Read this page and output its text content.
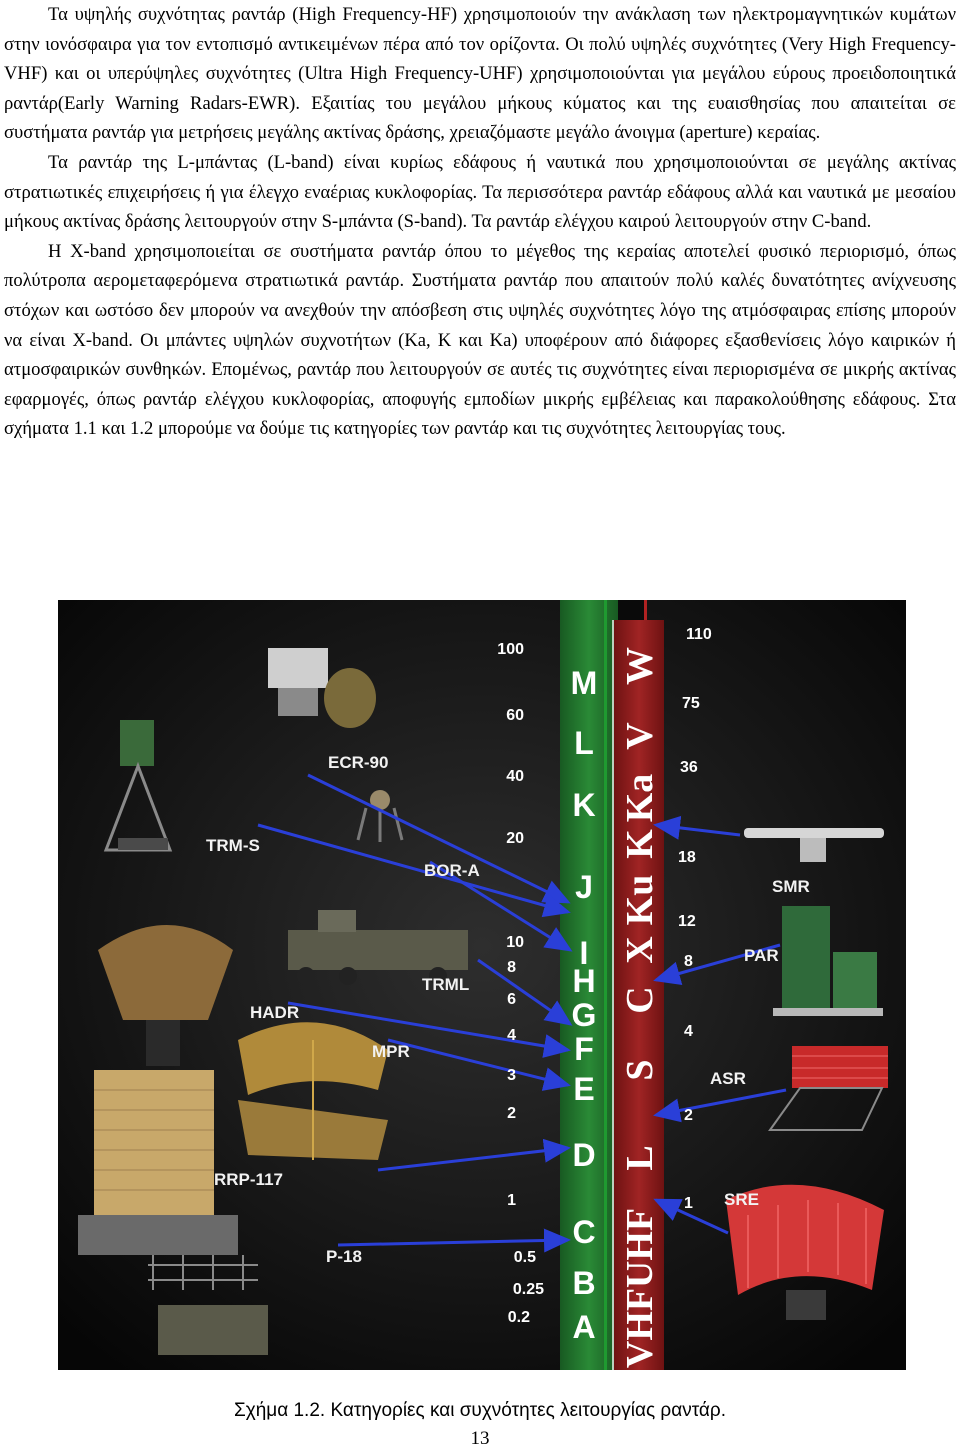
Τα υψηλής συχνότητας ραντάρ (High Frequency-HF) χρησιμοποιούν την ανάκλαση των ηλεκτρομαγνητικών κυμάτων στην ιονόσφαιρα για τον εντοπισμό αντικειμένων πέρα από τον ορίζοντα. Οι πολύ υψηλές συχνότητες (Very High Frequency-VHF) και οι υπερύψηλες συχνότητες (Ultra High Frequency-UHF) χρησιμοποιούνται για μεγάλου εύρους προειδοποιητικά ραντάρ(Early Warning Radars-EWR). Εξαιτίας του μεγάλου μήκους κύματος και της ευαισθησίας που απαιτείται σε συστήματα ραντάρ για μετρήσεις μεγάλης ακτίνας δράσης, χρειαζόμαστε μεγάλο άνοιγμα (aperture) κεραίας.

Τα ραντάρ της L-μπάντας (L-band) είναι κυρίως εδάφους ή ναυτικά που χρησιμοποιούνται σε μεγάλης ακτίνας στρατιωτικές επιχειρήσεις ή για έλεγχο εναέριας κυκλοφορίας. Τα περισσότερα ραντάρ εδάφους αλλά και ναυτικά με μεσαίου μήκους ακτίνας δράσης λειτουργούν στην S-μπάντα (S-band). Τα ραντάρ ελέγχου καιρού λειτουργούν στην C-band.

Η X-band χρησιμοποιείται σε συστήματα ραντάρ όπου το μέγεθος της κεραίας αποτελεί φυσικό περιορισμό, όπως πολύτροπα αερομεταφερόμενα στρατιωτικά ραντάρ. Συστήματα ραντάρ που απαιτούν πολύ καλές δυνατότητες ανίχνευσης στόχων και ωστόσο δεν μπορούν να ανεχθούν την απόσβεση στις υψηλές συχνότητες λόγο της ατμόσφαιρας επίσης μπορούν να είναι X-band. Οι μπάντες υψηλών συχνοτήτων (Ka, K και Ka) υποφέρουν από διάφορες εξασθενίσεις λόγο καιρικών ή ατμοσφαιρικών συνθηκών. Επομένως, ραντάρ που λειτουργούν σε αυτές τις συχνότητες είναι περιορισμένα σε μικρής ακτίνας εφαρμογές, όπως ραντάρ ελέγχου κυκλοφορίας, αποφυγής εμποδίων μικρής εμβέλειας και παρακολούθησης εδάφους. Στα σχήματα 1.1 και 1.2 μπορούμε να δούμε τις κατηγορίες των ραντάρ και τις συχνότητες λειτουργίας τους.

ECR-90
TRM-S
BOR-A
TRML
HADR
MPR
RRP-117
P-18
SMR
PAR
ASR
SRE
100
60
40
20
10
8
6
4
3
2
1
0.5
0.25
0.2
M
L
K
J
I
H
G
F
E
D
C
B
A
110
75
36
18
12
8
4
2
1
W
V
Ka
K
Ku
X
C
S
L
UHF
VHF
Σχήμα 1.2. Κατηγορίες και συχνότητες λειτουργίας ραντάρ.
13
